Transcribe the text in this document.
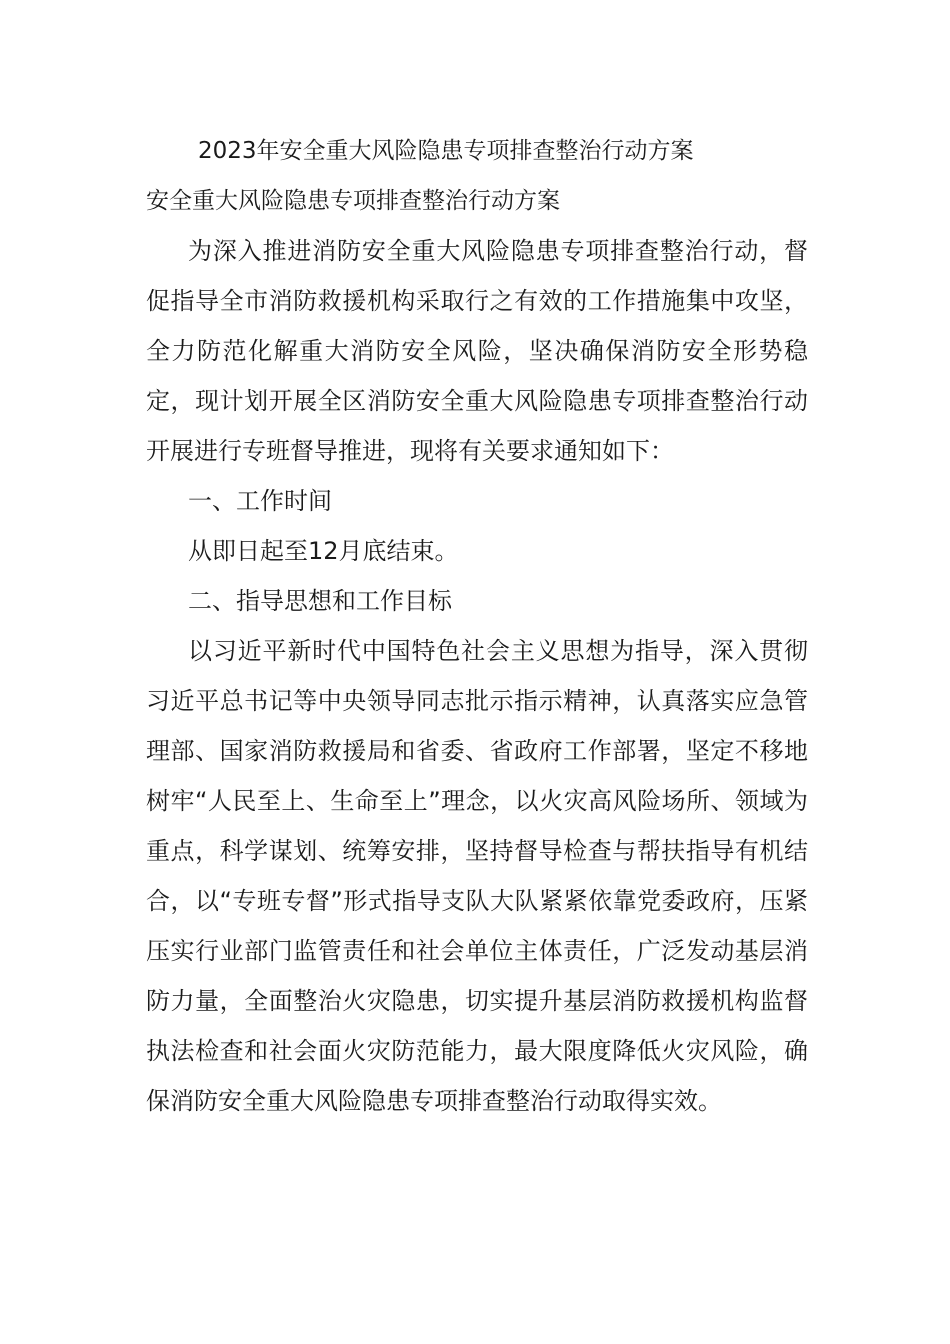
2023年安全重大风险隐患专项排查整治行动方案
安全重大风险隐患专项排查整治行动方案

为深入推进消防安全重大风险隐患专项排查整治行动，督促指导全市消防救援机构采取行之有效的工作措施集中攻坚，全力防范化解重大消防安全风险，坚决确保消防安全形势稳定，现计划开展全区消防安全重大风险隐患专项排查整治行动开展进行专班督导推进，现将有关要求通知如下：

一、工作时间

从即日起至12月底结束。

二、指导思想和工作目标

以习近平新时代中国特色社会主义思想为指导，深入贯彻习近平总书记等中央领导同志批示指示精神，认真落实应急管理部、国家消防救援局和省委、省政府工作部署，坚定不移地树牢“人民至上、生命至上”理念，以火灾高风险场所、领域为重点，科学谋划、统筹安排，坚持督导检查与帮扶指导有机结合，以“专班专督”形式指导支队大队紧紧依靠党委政府，压紧压实行业部门监管责任和社会单位主体责任，广泛发动基层消防力量，全面整治火灾隐患，切实提升基层消防救援机构监督执法检查和社会面火灾防范能力，最大限度降低火灾风险，确保消防安全重大风险隐患专项排查整治行动取得实效。
